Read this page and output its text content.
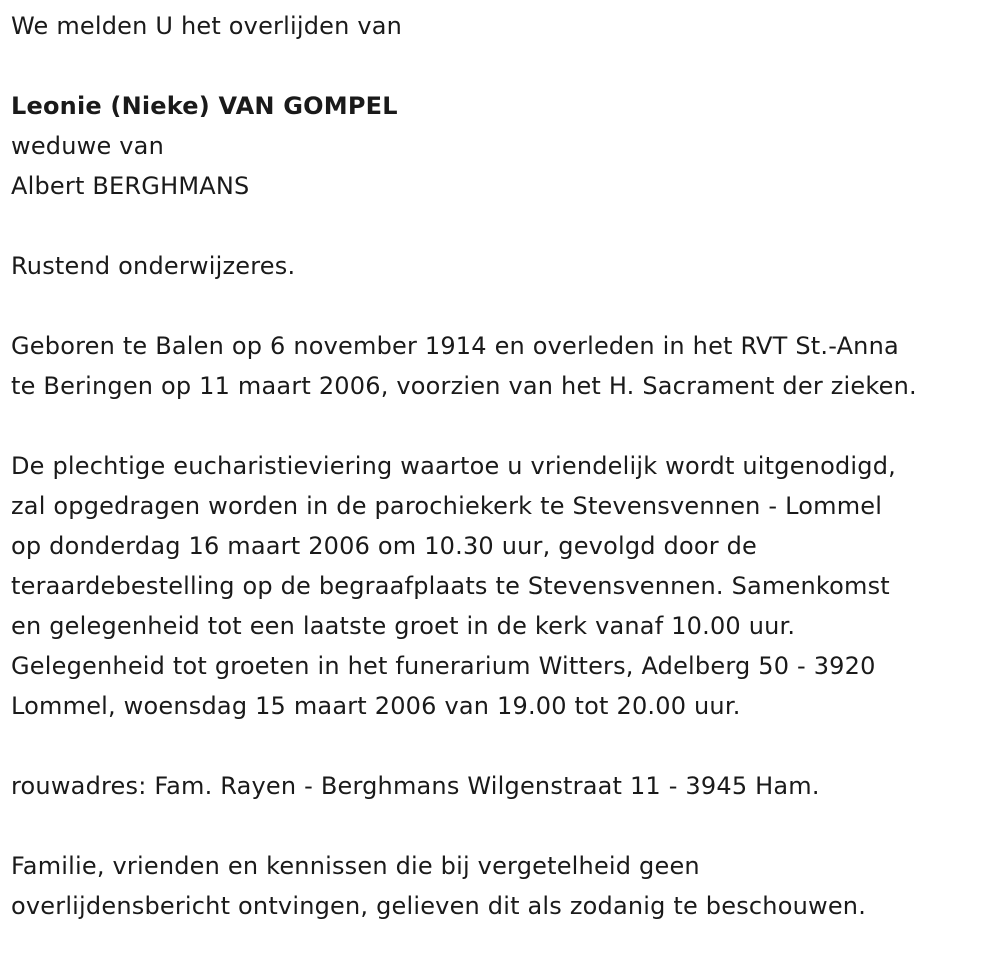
We melden U het overlijden van
Leonie (Nieke) VAN GOMPEL
weduwe van
Albert BERGHMANS
Rustend onderwijzeres.
Geboren te Balen op 6 november 1914 en overleden in het RVT St.-Anna
te Beringen op 11 maart 2006, voorzien van het H. Sacrament der zieken.
De plechtige eucharistieviering waartoe u vriendelijk wordt uitgenodigd,
zal opgedragen worden in de parochiekerk te Stevensvennen - Lommel
op donderdag 16 maart 2006 om 10.30 uur, gevolgd door de
teraardebestelling op de begraafplaats te Stevensvennen. Samenkomst
en gelegenheid tot een laatste groet in de kerk vanaf 10.00 uur.
Gelegenheid tot groeten in het funerarium Witters, Adelberg 50 - 3920
Lommel, woensdag 15 maart 2006 van 19.00 tot 20.00 uur.
rouwadres: Fam. Rayen - Berghmans Wilgenstraat 11 - 3945 Ham.
Familie, vrienden en kennissen die bij vergetelheid geen
overlijdensbericht ontvingen, gelieven dit als zodanig te beschouwen.
